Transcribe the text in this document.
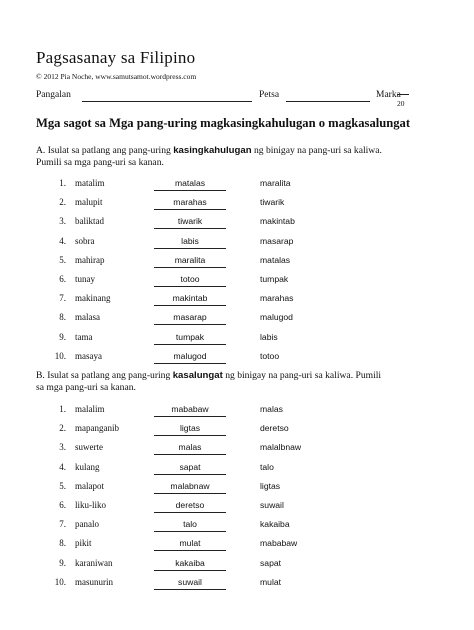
Pagsasanay sa Filipino
© 2012 Pia Noche, www.samutsamot.wordpress.com
Pangalan	Petsa	Marka
20
Mga sagot sa Mga pang-uring magkasingkahulugan o magkasalungat
A. Isulat sa patlang ang pang-uring kasingkahulugan ng binigay na pang-uri sa kaliwa.
Pumili sa mga pang-uri sa kanan.
1. matalim	matalas	maralita
2. malupit	marahas	tiwarik
3. baliktad	tiwarik	makintab
4. sobra	labis	masarap
5. mahirap	maralita	matalas
6. tunay	totoo	tumpak
7. makinang	makintab	marahas
8. malasa	masarap	malugod
9. tama	tumpak	labis
10. masaya	malugod	totoo
B. Isulat sa patlang ang pang-uring kasalungat ng binigay na pang-uri sa kaliwa. Pumili
sa mga pang-uri sa kanan.
1. malalim	mababaw	malas
2. mapanganib	ligtas	deretso
3. suwerte	malas	malalbnaw
4. kulang	sapat	talo
5. malapot	malabnaw	ligtas
6. liku-liko	deretso	suwail
7. panalo	talo	kakaiba
8. pikit	mulat	mababaw
9. karaniwan	kakaiba	sapat
10. masunurin	suwail	mulat
